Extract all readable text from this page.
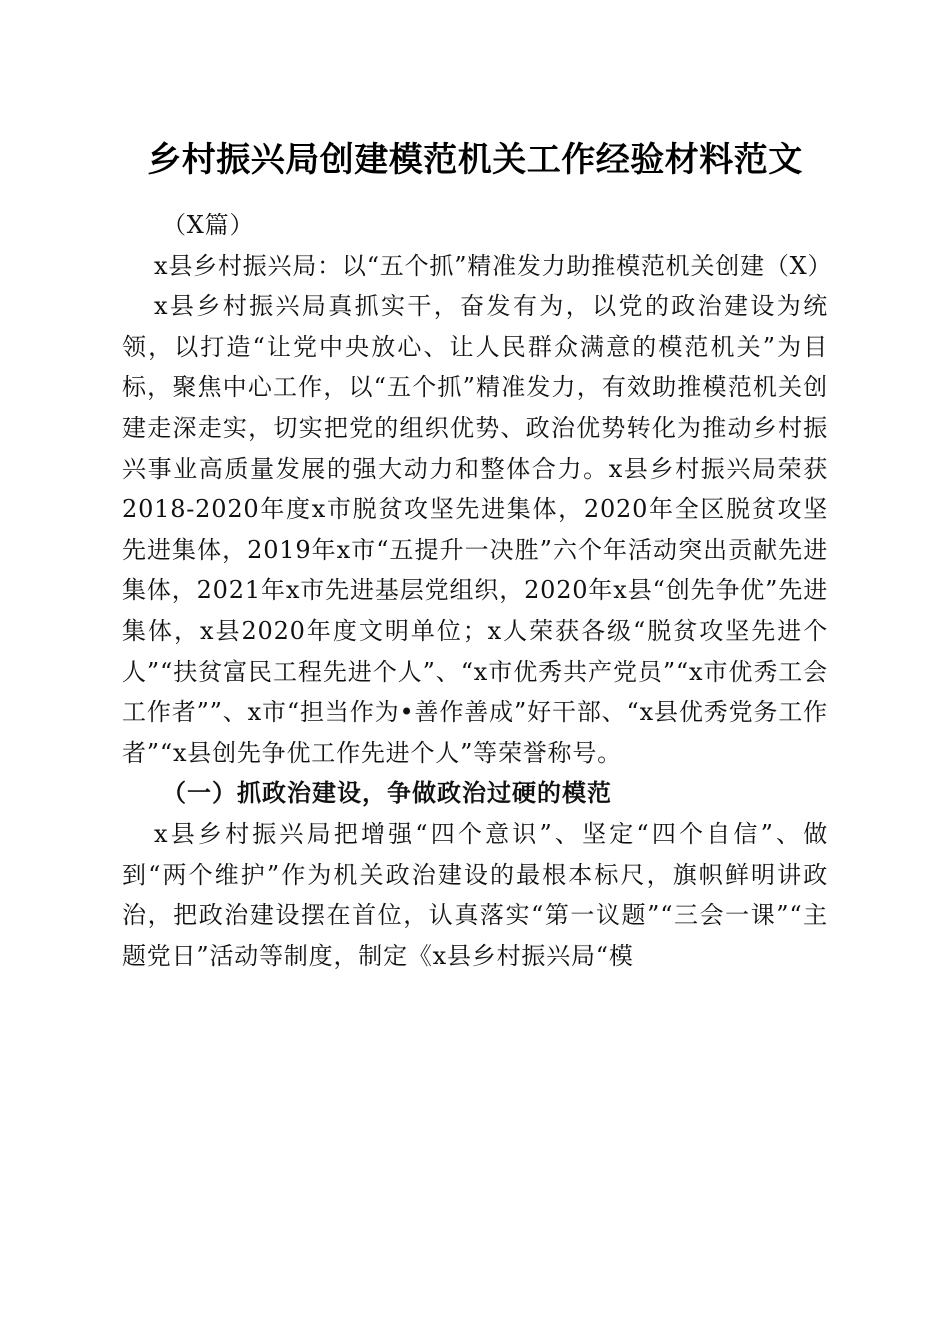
乡村振兴局创建模范机关工作经验材料范文

（X篇）

x县乡村振兴局：以“五个抓”精准发力助推模范机关创建（X）

x县乡村振兴局真抓实干，奋发有为，以党的政治建设为统领，以打造“让党中央放心、让人民群众满意的模范机关”为目标，聚焦中心工作，以“五个抓”精准发力，有效助推模范机关创建走深走实，切实把党的组织优势、政治优势转化为推动乡村振兴事业高质量发展的强大动力和整体合力。x县乡村振兴局荣获2018-2020年度x市脱贫攻坚先进集体，2020年全区脱贫攻坚先进集体，2019年x市“五提升一决胜”六个年活动突出贡献先进集体，2021年x市先进基层党组织，2020年x县“创先争优”先进集体，x县2020年度文明单位；x人荣获各级“脱贫攻坚先进个人”“扶贫富民工程先进个人”、“x市优秀共产党员”“x市优秀工会工作者””、x市“担当作为•善作善成”好干部、“x县优秀党务工作者”“x县创先争优工作先进个人”等荣誉称号。

（一）抓政治建设，争做政治过硬的模范

x县乡村振兴局把增强“四个意识”、坚定“四个自信”、做到“两个维护”作为机关政治建设的最根本标尺，旗帜鲜明讲政治，把政治建设摆在首位，认真落实“第一议题”“三会一课”“主题党日”活动等制度，制定《x县乡村振兴局“模
